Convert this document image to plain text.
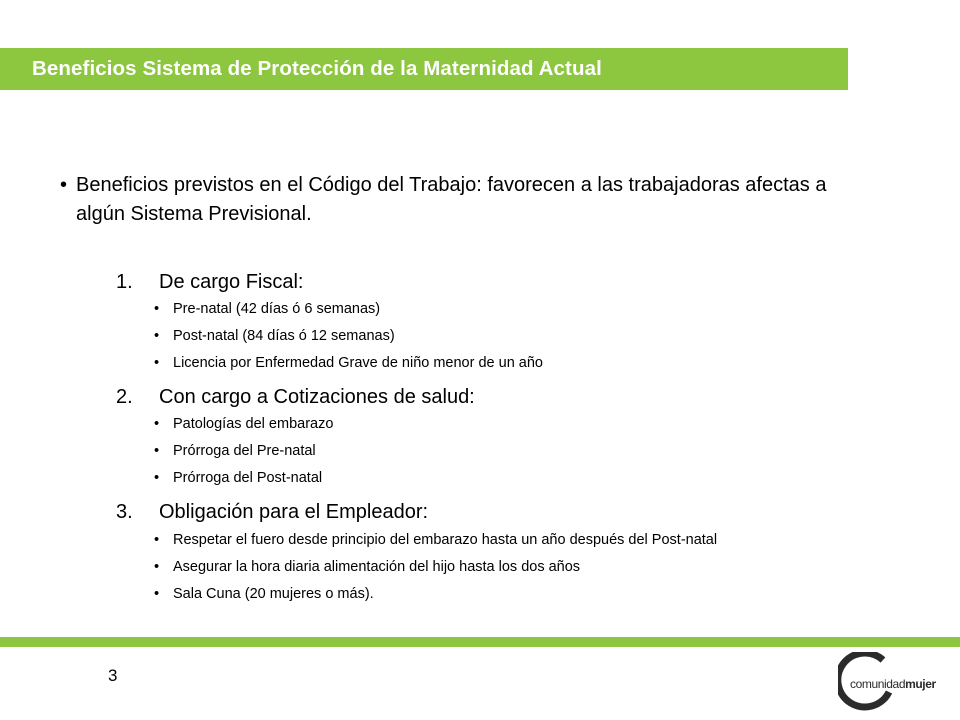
Beneficios Sistema de Protección de la Maternidad Actual
• Beneficios previstos en el Código del Trabajo: favorecen a las trabajadoras afectas a algún Sistema Previsional.
1. De cargo Fiscal:
• Pre-natal (42 días ó 6 semanas)
• Post-natal (84 días ó 12 semanas)
• Licencia por Enfermedad Grave de niño menor de un año
2. Con cargo a Cotizaciones de salud:
• Patologías del embarazo
• Prórroga del Pre-natal
• Prórroga del Post-natal
3. Obligación para el Empleador:
• Respetar el fuero desde principio del embarazo hasta un año después del Post-natal
• Asegurar la hora diaria alimentación del hijo hasta los dos años
• Sala Cuna (20 mujeres o más).
3	comunidadmujer
